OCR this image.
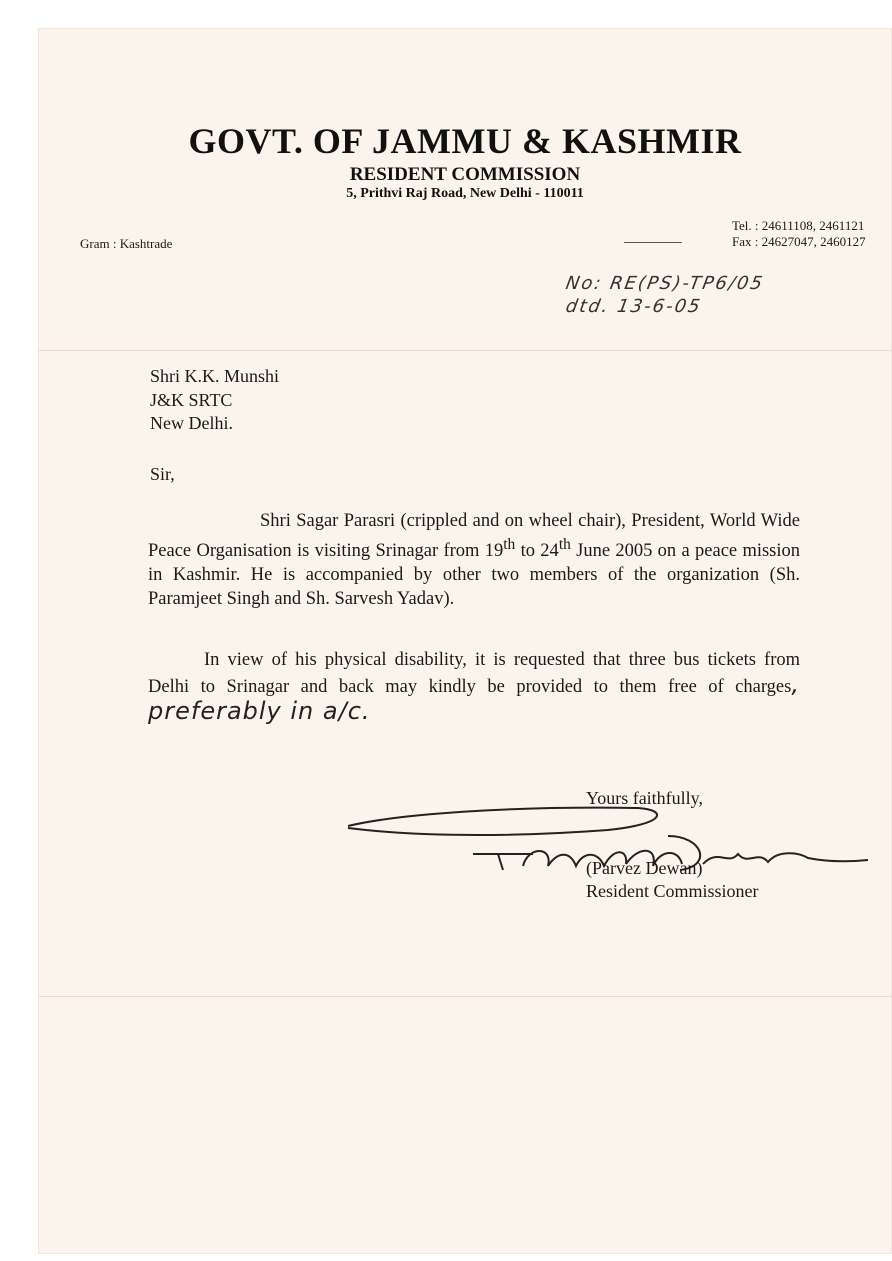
GOVT. OF JAMMU & KASHMIR
RESIDENT COMMISSION
5, Prithvi Raj Road, New Delhi - 110011
Gram : Kashtrade
Tel. : 24611108, 2461121
Fax : 24627047, 2460127
No: RE(PS)-TP6/05
dtd. 13-6-05
Shri K.K. Munshi
J&K SRTC
New Delhi.
Sir,

Shri Sagar Parasri (crippled and on wheel chair), President, World Wide Peace Organisation is visiting Srinagar from 19th to 24th June 2005 on a peace mission in Kashmir. He is accompanied by other two members of the organization (Sh. Paramjeet Singh and Sh. Sarvesh Yadav).

In view of his physical disability, it is requested that three bus tickets from Delhi to Srinagar and back may kindly be provided to them free of charges, preferably in a/c.

Yours faithfully,
(Parvez Dewan)
Resident Commissioner
